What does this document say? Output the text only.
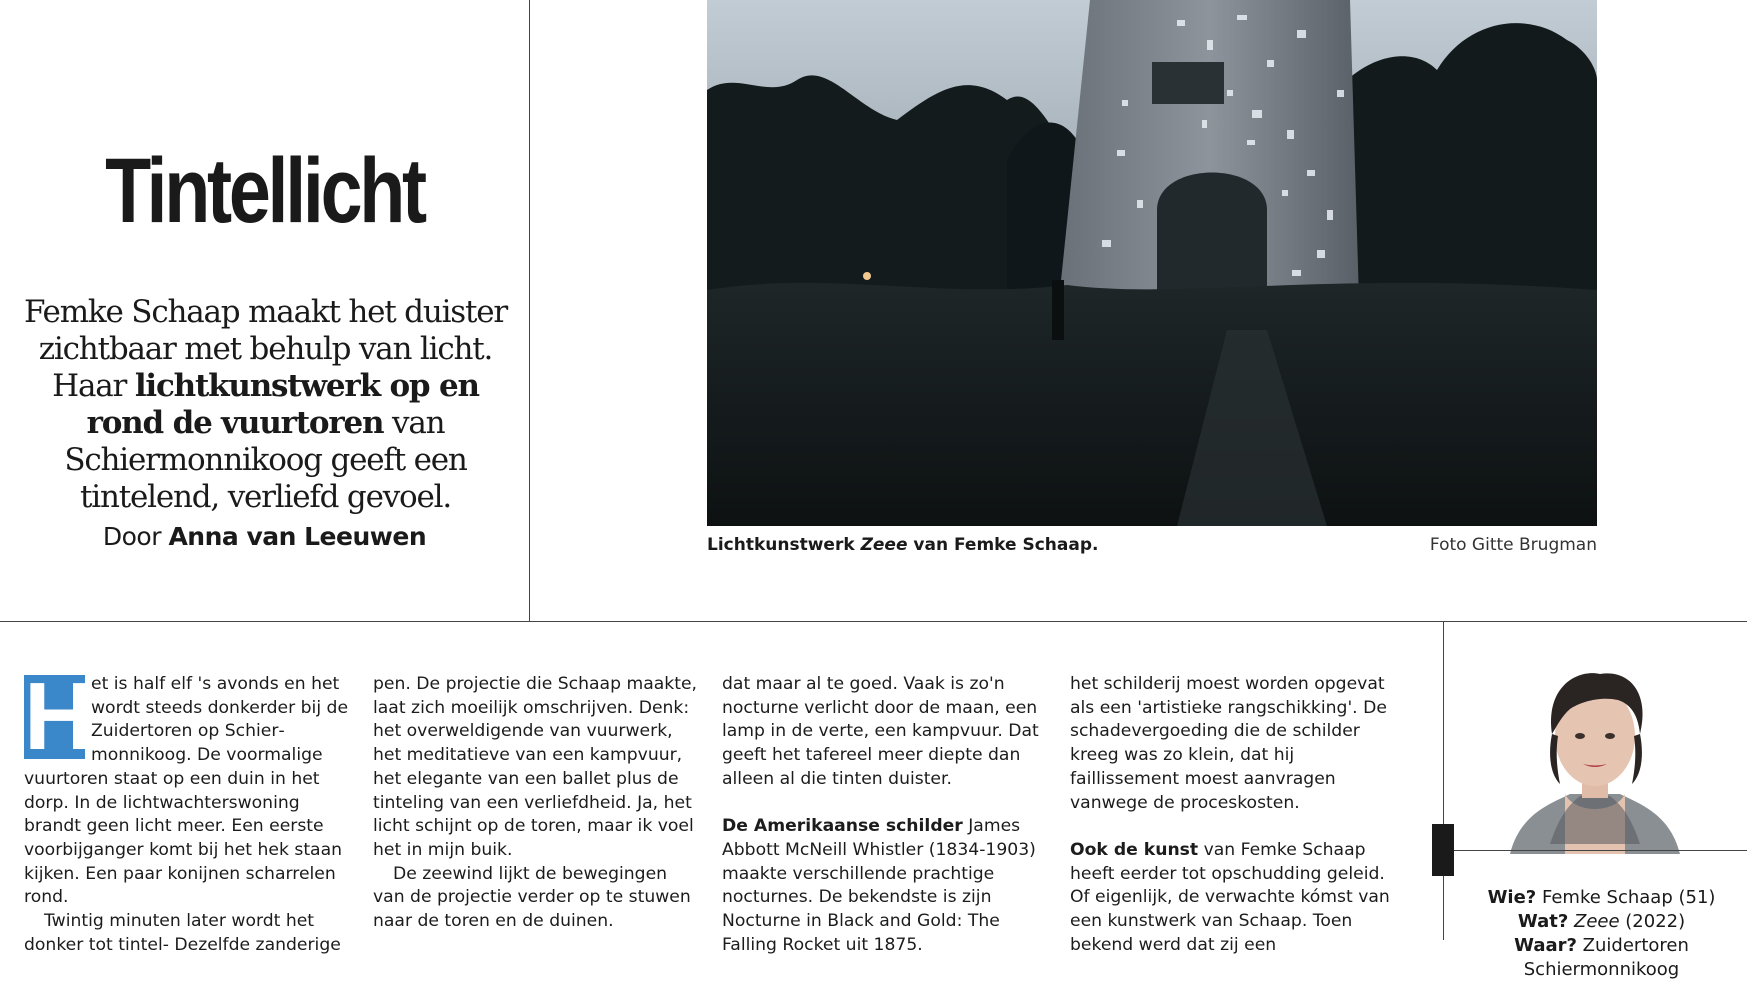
Tintellicht

Femke Schaap maakt het duister zichtbaar met behulp van licht. Haar lichtkunstwerk op en rond de vuurtoren van Schiermonnikoog geeft een tintelend, verliefd gevoel.

Door Anna van Leeuwen	Lichtkunstwerk Zeee van Femke Schaap.	Foto Gitte Brugman
H

et is half elf 's avonds en het wordt steeds donkerder bij de Zuidertoren op Schiermonnikoog. De voormalige vuurtoren staat op een duin in het dorp. In de lichtwachterswoning brandt geen licht meer. Een eerste voorbijganger komt bij het hek staan kijken. Een paar konijnen scharrelen rond.

Twintig minuten later wordt het donker tot tintel- Dezelfde zanderige

pen. De projectie die Schaap maakte, laat zich moeilijk omschrijven. Denk: het overweldigende van vuurwerk, het meditatieve van een kampvuur, het elegante van een ballet plus de tinteling van een verliefdheid. Ja, het licht schijnt op de toren, maar ik voel het in mijn buik.

De zeewind lijkt de bewegingen van de projectie verder op te stuwen naar de toren en de duinen.

dat maar al te goed. Vaak is zo'n nocturne verlicht door de maan, een lamp in de verte, een kampvuur. Dat geeft het tafereel meer diepte dan alleen al die tinten duister.

De Amerikaanse schilder James Abbott McNeill Whistler (1834-1903) maakte verschillende prachtige nocturnes. De bekendste is zijn Nocturne in Black and Gold: The Falling Rocket uit 1875.

het schilderij moest worden opgevat als een 'artistieke rangschikking'. De schadevergoeding die de schilder kreeg was zo klein, dat hij faillissement moest aanvragen vanwege de proceskosten.

Ook de kunst van Femke Schaap heeft eerder tot opschudding geleid. Of eigenlijk, de verwachte kómst van een kunstwerk van Schaap. Toen bekend werd dat zij een

Wie? Femke Schaap (51)
Wat? Zeee (2022)
Waar? Zuidertoren Schiermonnikoog
